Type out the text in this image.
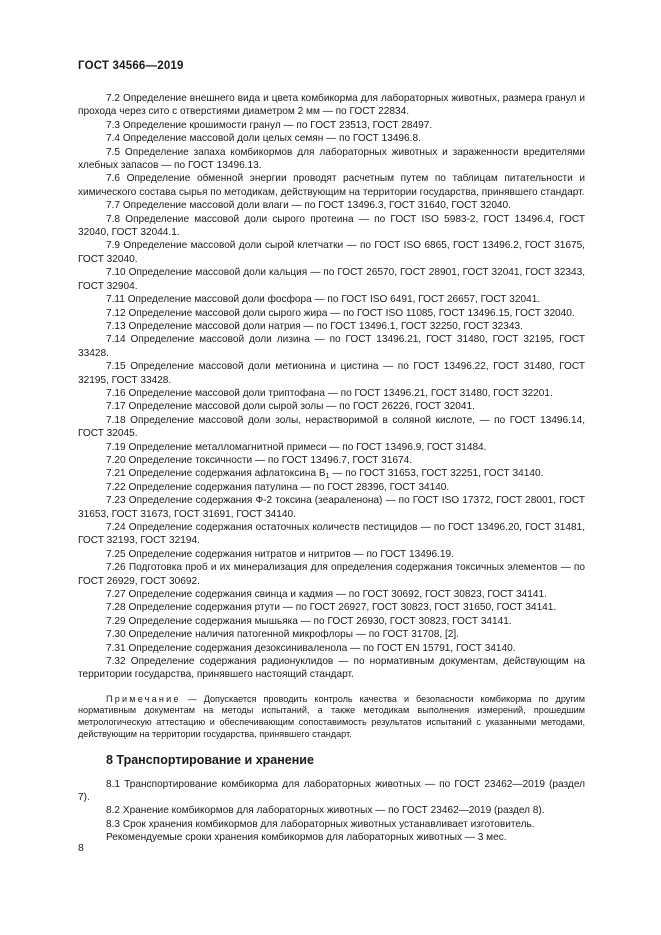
ГОСТ 34566—2019

7.2 Определение внешнего вида и цвета комбикорма для лабораторных животных, размера гранул и прохода через сито с отверстиями диаметром 2 мм — по ГОСТ 22834.

7.3 Определение крошимости гранул — по ГОСТ 23513, ГОСТ 28497.

7.4 Определение массовой доли целых семян — по ГОСТ 13496.8.

7.5 Определение запаха комбикормов для лабораторных животных и зараженности вредителями хлебных запасов — по ГОСТ 13496.13.

7.6 Определение обменной энергии проводят расчетным путем по таблицам питательности и химического состава сырья по методикам, действующим на территории государства, принявшего стандарт.

7.7 Определение массовой доли влаги — по ГОСТ 13496.3, ГОСТ 31640, ГОСТ 32040.

7.8 Определение массовой доли сырого протеина — по ГОСТ ISO 5983-2, ГОСТ 13496.4, ГОСТ 32040, ГОСТ 32044.1.

7.9 Определение массовой доли сырой клетчатки — по ГОСТ ISO 6865, ГОСТ 13496.2, ГОСТ 31675, ГОСТ 32040.

7.10 Определение массовой доли кальция — по ГОСТ 26570, ГОСТ 28901, ГОСТ 32041, ГОСТ 32343, ГОСТ 32904.

7.11 Определение массовой доли фосфора — по ГОСТ ISO 6491, ГОСТ 26657, ГОСТ 32041.

7.12 Определение массовой доли сырого жира — по ГОСТ ISO 11085, ГОСТ 13496.15, ГОСТ 32040.

7.13 Определение массовой доли натрия — по ГОСТ 13496.1, ГОСТ 32250, ГОСТ 32343.

7.14 Определение массовой доли лизина — по ГОСТ 13496.21, ГОСТ 31480, ГОСТ 32195, ГОСТ 33428.

7.15 Определение массовой доли метионина и цистина — по ГОСТ 13496.22, ГОСТ 31480, ГОСТ 32195, ГОСТ 33428.

7.16 Определение массовой доли триптофана — по ГОСТ 13496.21, ГОСТ 31480, ГОСТ 32201.

7.17 Определение массовой доли сырой золы — по ГОСТ 26226, ГОСТ 32041.

7.18 Определение массовой доли золы, нерастворимой в соляной кислоте, — по ГОСТ 13496.14, ГОСТ 32045.

7.19 Определение металломагнитной примеси — по ГОСТ 13496.9, ГОСТ 31484.

7.20 Определение токсичности — по ГОСТ 13496.7, ГОСТ 31674.

7.21 Определение содержания афлатоксина $В_1$ — по ГОСТ 31653, ГОСТ 32251, ГОСТ 34140.

7.22 Определение содержания патулина — по ГОСТ 28396, ГОСТ 34140.

7.23 Определение содержания Ф-2 токсина (зеараленона) — по ГОСТ ISO 17372, ГОСТ 28001, ГОСТ 31653, ГОСТ 31673, ГОСТ 31691, ГОСТ 34140.

7.24 Определение содержания остаточных количеств пестицидов — по ГОСТ 13496.20, ГОСТ 31481, ГОСТ 32193, ГОСТ 32194.

7.25 Определение содержания нитратов и нитритов — по ГОСТ 13496.19.

7.26 Подготовка проб и их минерализация для определения содержания токсичных элементов — по ГОСТ 26929, ГОСТ 30692.

7.27 Определение содержания свинца и кадмия — по ГОСТ 30692, ГОСТ 30823, ГОСТ 34141.

7.28 Определение содержания ртути — по ГОСТ 26927, ГОСТ 30823, ГОСТ 31650, ГОСТ 34141.

7.29 Определение содержания мышьяка — по ГОСТ 26930, ГОСТ 30823, ГОСТ 34141.

7.30 Определение наличия патогенной микрофлоры — по ГОСТ 31708, [2].

7.31 Определение содержания дезоксиниваленола — по ГОСТ EN 15791, ГОСТ 34140.

7.32 Определение содержания радионуклидов — по нормативным документам, действующим на территории государства, принявшего настоящий стандарт.

Примечание — Допускается проводить контроль качества и безопасности комбикорма по другим нормативным документам на методы испытаний, а также методикам выполнения измерений, прошедшим метрологическую аттестацию и обеспечивающим сопоставимость результатов испытаний с указанными методами, действующим на территории государства, принявшего стандарт.

8 Транспортирование и хранение

8.1 Транспортирование комбикорма для лабораторных животных — по ГОСТ 23462—2019 (раздел 7).

8.2 Хранение комбикормов для лабораторных животных — по ГОСТ 23462—2019 (раздел 8).

8.3 Срок хранения комбикормов для лабораторных животных устанавливает изготовитель.

Рекомендуемые сроки хранения комбикормов для лабораторных животных — 3 мес.

8
